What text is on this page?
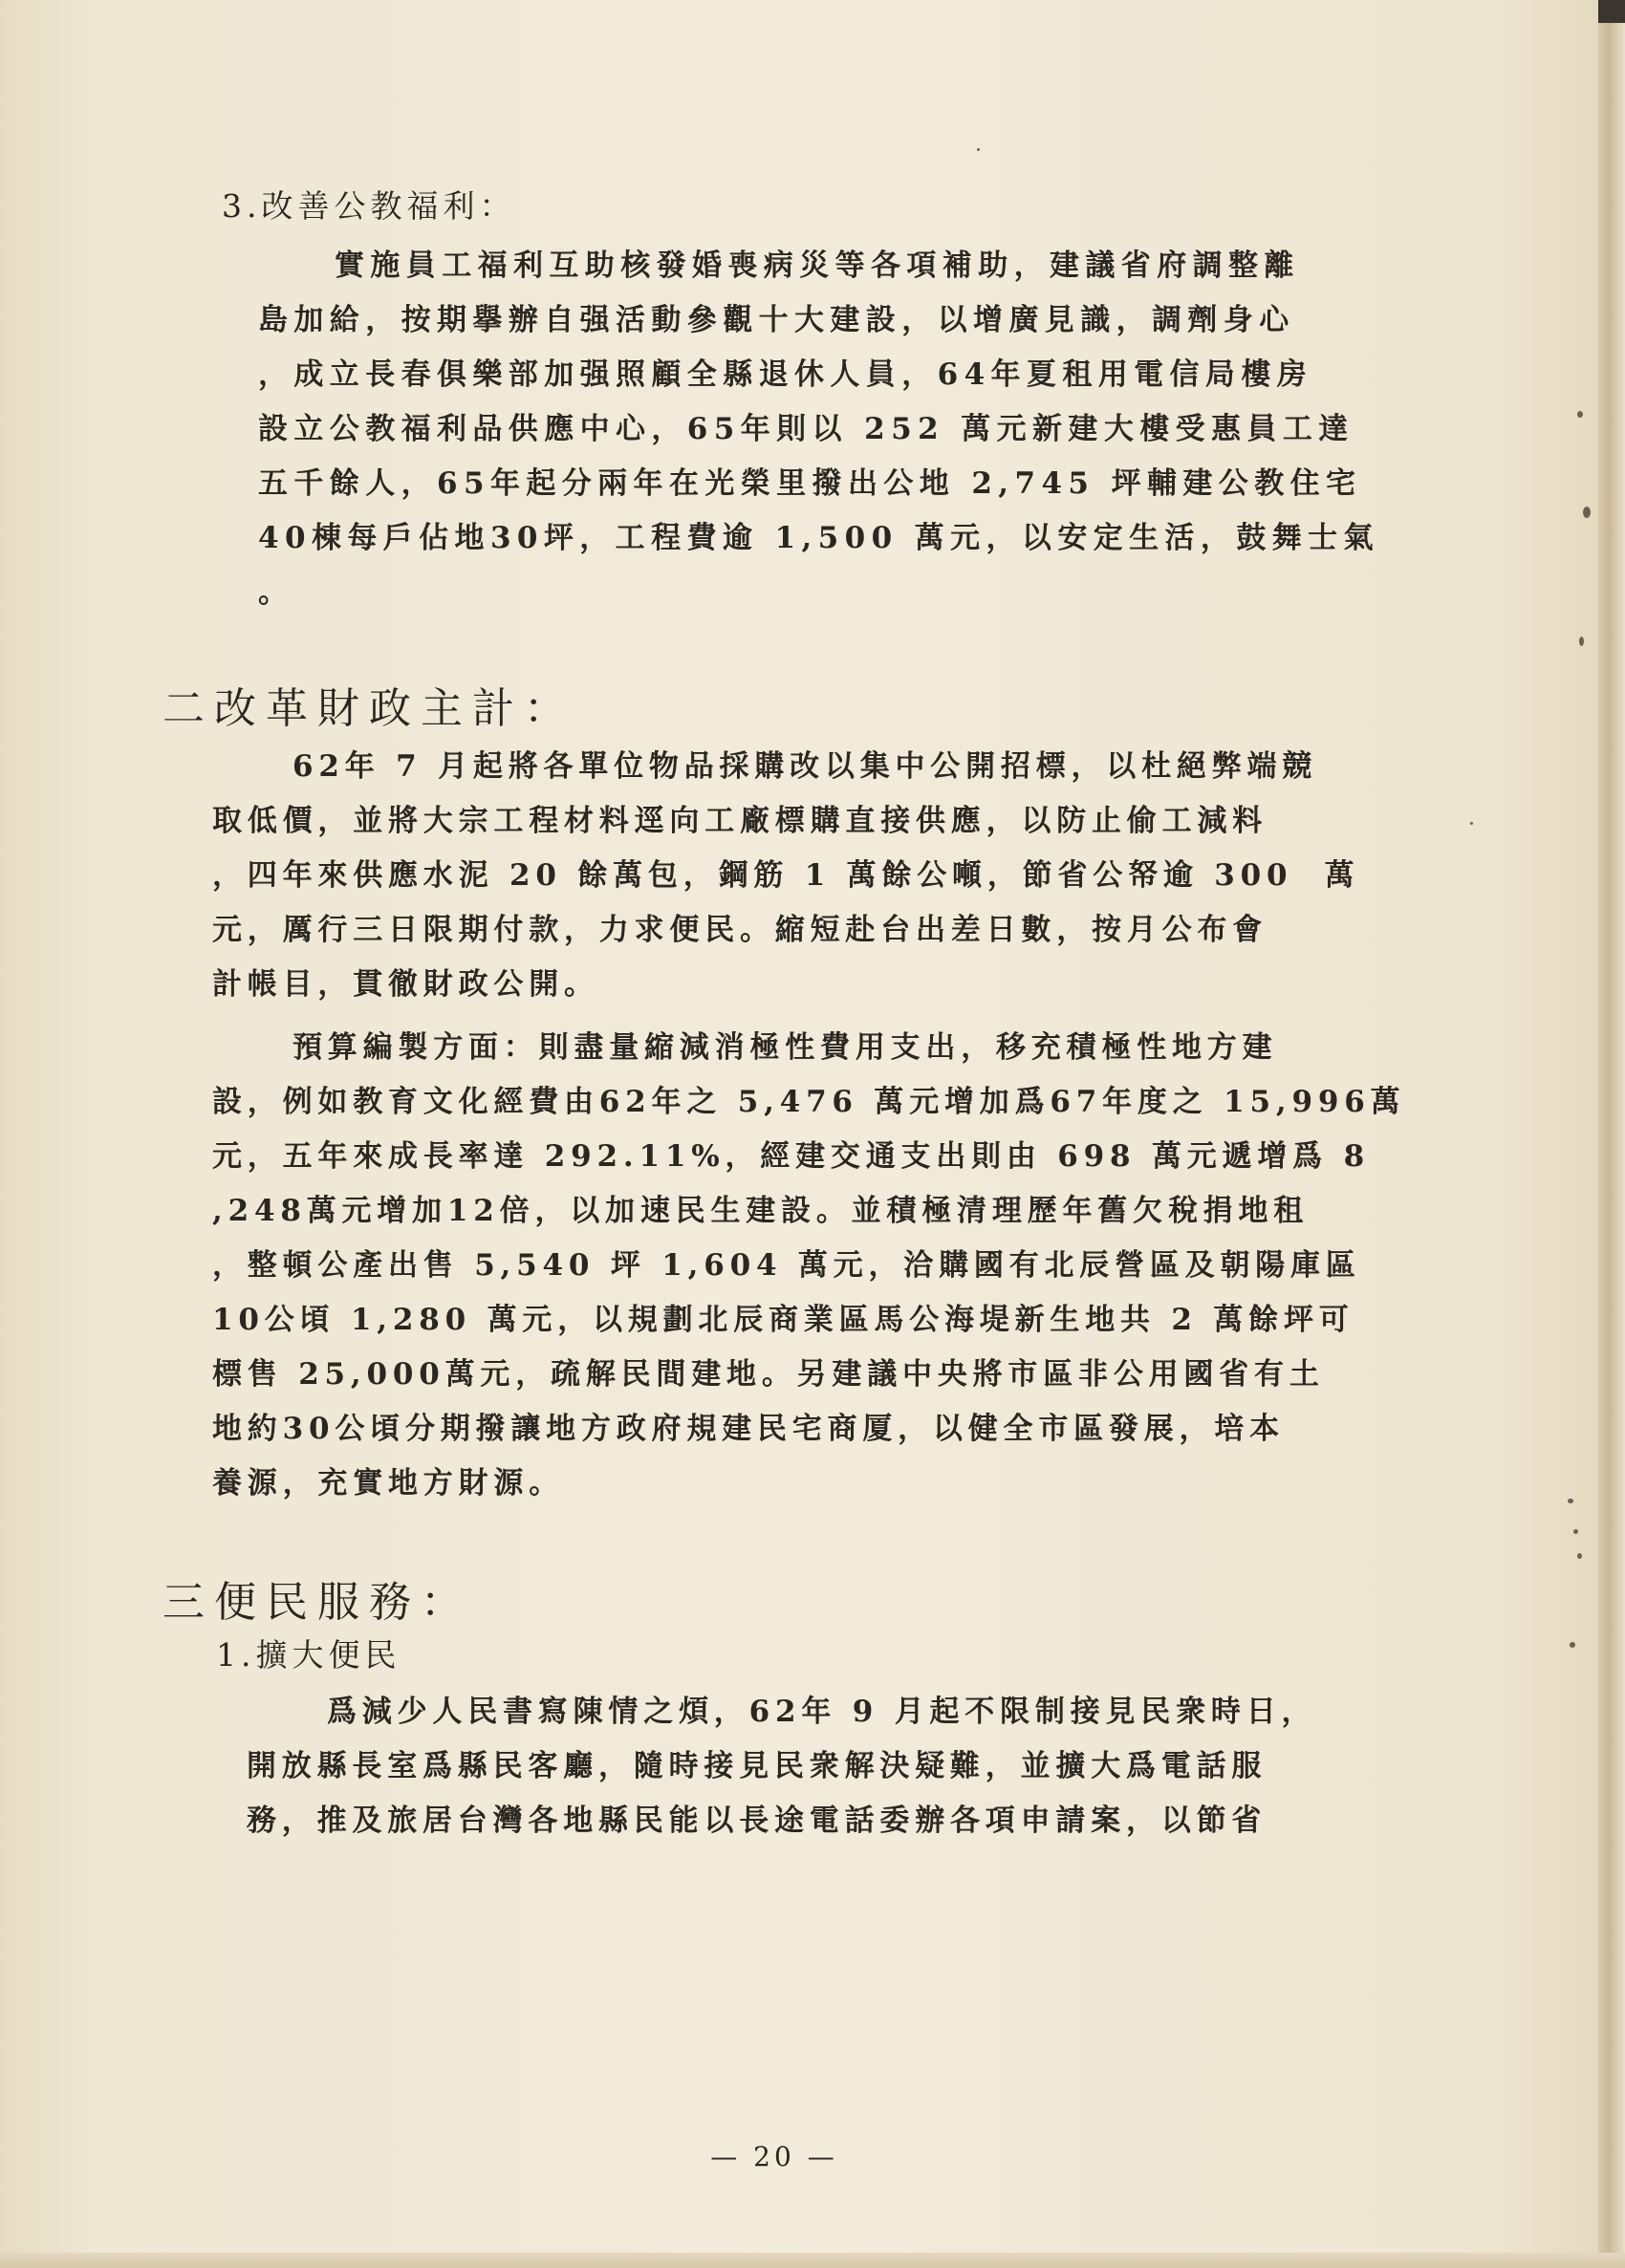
3.改善公教福利：
實施員工福利互助核發婚喪病災等各項補助，建議省府調整離
島加給，按期擧辦自强活動參觀十大建設，以增廣見識，調劑身心
，成立長春俱樂部加强照顧全縣退休人員，64年夏租用電信局樓房
設立公教福利品供應中心，65年則以 252 萬元新建大樓受惠員工達
五千餘人，65年起分兩年在光榮里撥出公地 2,745 坪輔建公教住宅
40棟每戶佔地30坪，工程費逾 1,500 萬元，以安定生活，鼓舞士氣
。
二改革財政主計：
62年 7 月起將各單位物品採購改以集中公開招標，以杜絕弊端競
取低價，並將大宗工程材料逕向工廠標購直接供應，以防止偷工減料
，四年來供應水泥 20 餘萬包，鋼筋 1 萬餘公噸，節省公帑逾 300  萬
元，厲行三日限期付款，力求便民。縮短赴台出差日數，按月公布會
計帳目，貫徹財政公開。
預算編製方面：則盡量縮減消極性費用支出，移充積極性地方建
設，例如教育文化經費由62年之 5,476 萬元增加爲67年度之 15,996萬
元，五年來成長率達 292.11%，經建交通支出則由 698 萬元遞增爲 8
,248萬元增加12倍，以加速民生建設。並積極清理歷年舊欠稅捐地租
，整頓公產出售 5,540 坪 1,604 萬元，洽購國有北辰營區及朝陽庫區
10公頃 1,280 萬元，以規劃北辰商業區馬公海堤新生地共 2 萬餘坪可
標售 25,000萬元，疏解民間建地。另建議中央將市區非公用國省有土
地約30公頃分期撥讓地方政府規建民宅商厦，以健全市區發展，培本
養源，充實地方財源。
三便民服務：
1.擴大便民
爲減少人民書寫陳情之煩，62年 9 月起不限制接見民衆時日，
開放縣長室爲縣民客廳，隨時接見民衆解決疑難，並擴大爲電話服
務，推及旅居台灣各地縣民能以長途電話委辦各項申請案，以節省
— 20 —
